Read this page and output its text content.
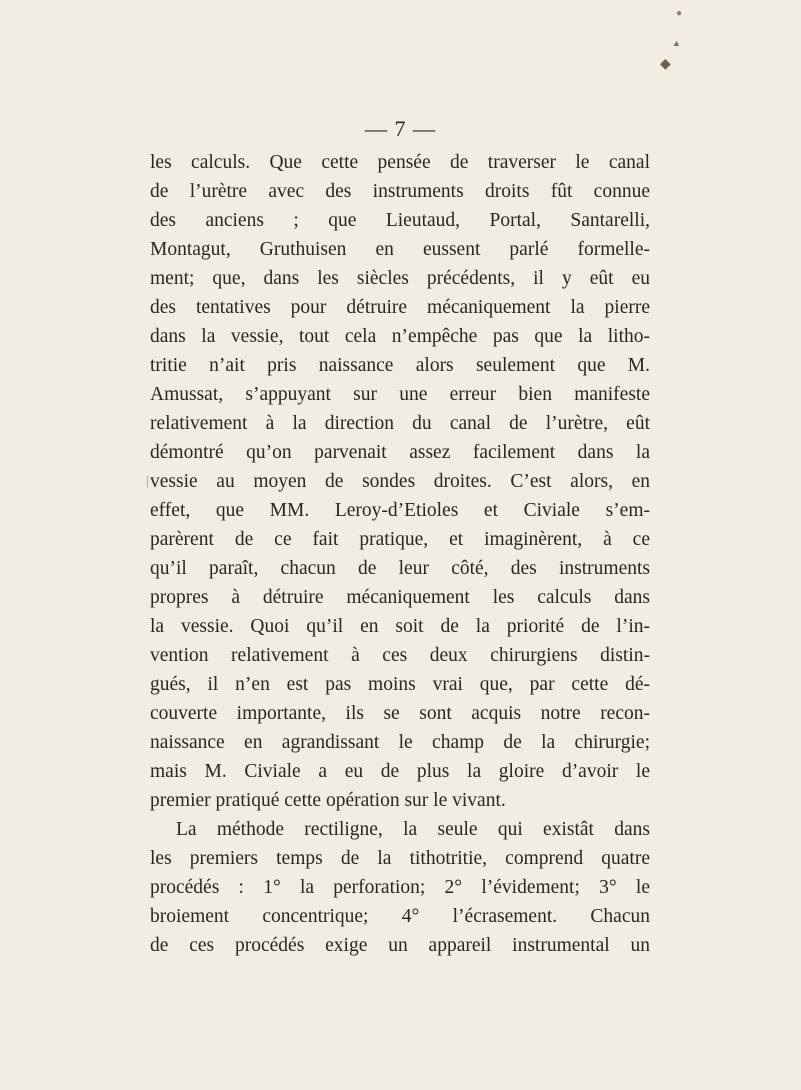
●
▲
◆
|
— 7 —
les calculs. Que cette pensée de traverser le canal
de l’urètre avec des instruments droits fût connue
des anciens ; que Lieutaud, Portal, Santarelli,
Montagut, Gruthuisen en eussent parlé formelle-
ment; que, dans les siècles précédents, il y eût eu
des tentatives pour détruire mécaniquement la pierre
dans la vessie, tout cela n’empêche pas que la litho-
tritie n’ait pris naissance alors seulement que M.
Amussat, s’appuyant sur une erreur bien manifeste
relativement à la direction du canal de l’urètre, eût
démontré qu’on parvenait assez facilement dans la
vessie au moyen de sondes droites. C’est alors, en
effet, que MM. Leroy-d’Etioles et Civiale s’em-
parèrent de ce fait pratique, et imaginèrent, à ce
qu’il paraît, chacun de leur côté, des instruments
propres à détruire mécaniquement les calculs dans
la vessie. Quoi qu’il en soit de la priorité de l’in-
vention relativement à ces deux chirurgiens distin-
gués, il n’en est pas moins vrai que, par cette dé-
couverte importante, ils se sont acquis notre recon-
naissance en agrandissant le champ de la chirurgie;
mais M. Civiale a eu de plus la gloire d’avoir le
premier pratiqué cette opération sur le vivant.
La méthode rectiligne, la seule qui existât dans
les premiers temps de la tithotritie, comprend quatre
procédés : 1° la perforation; 2° l’évidement; 3° le
broiement concentrique; 4° l’écrasement. Chacun
de ces procédés exige un appareil instrumental un
